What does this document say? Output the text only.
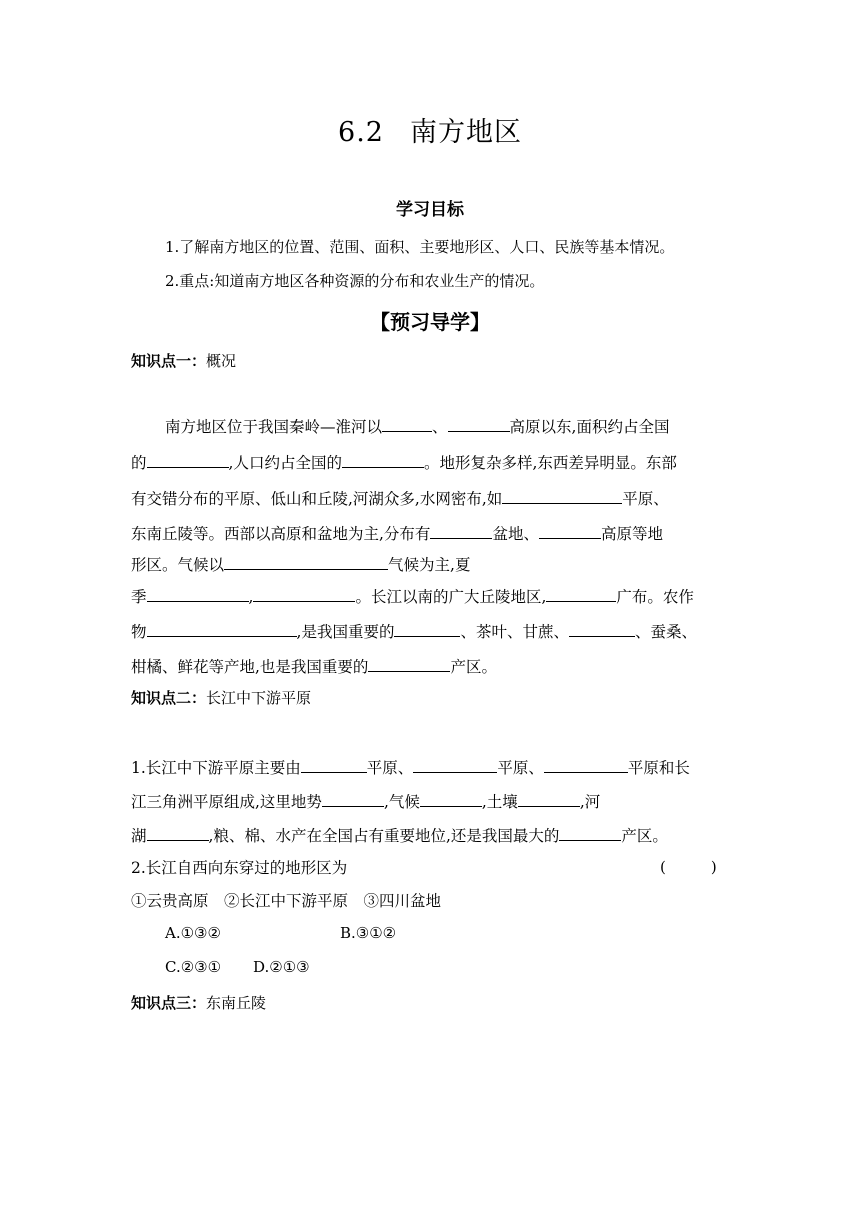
6.2 南方地区
学习目标
1.了解南方地区的位置、范围、面积、主要地形区、人口、民族等基本情况。
2.重点:知道南方地区各种资源的分布和农业生产的情况。
【预习导学】
知识点一：概况
南方地区位于我国秦岭—淮河以	、	高原以东,面积约占全国
的	,人口约占全国的	。地形复杂多样,东西差异明显。东部
有交错分布的平原、低山和丘陵,河湖众多,水网密布,如	平原、
东南丘陵等。西部以高原和盆地为主,分布有	盆地、	高原等地
形区。气候以	气候为主,夏
季	,	。长江以南的广大丘陵地区,	广布。农作
物	,是我国重要的	、茶叶、甘蔗、	、蚕桑、
柑橘、鲜花等产地,也是我国重要的	产区。
知识点二：长江中下游平原
1.长江中下游平原主要由	平原、	平原、	平原和长
江三角洲平原组成,这里地势	,气候	,土壤	,河
湖	,粮、棉、水产在全国占有重要地位,还是我国最大的	产区。
2.长江自西向东穿过的地形区为	(　　　)
①云贵高原　②长江中下游平原　③四川盆地
A.①③②	B.③①②
C.②③① D.②①③
知识点三：东南丘陵
